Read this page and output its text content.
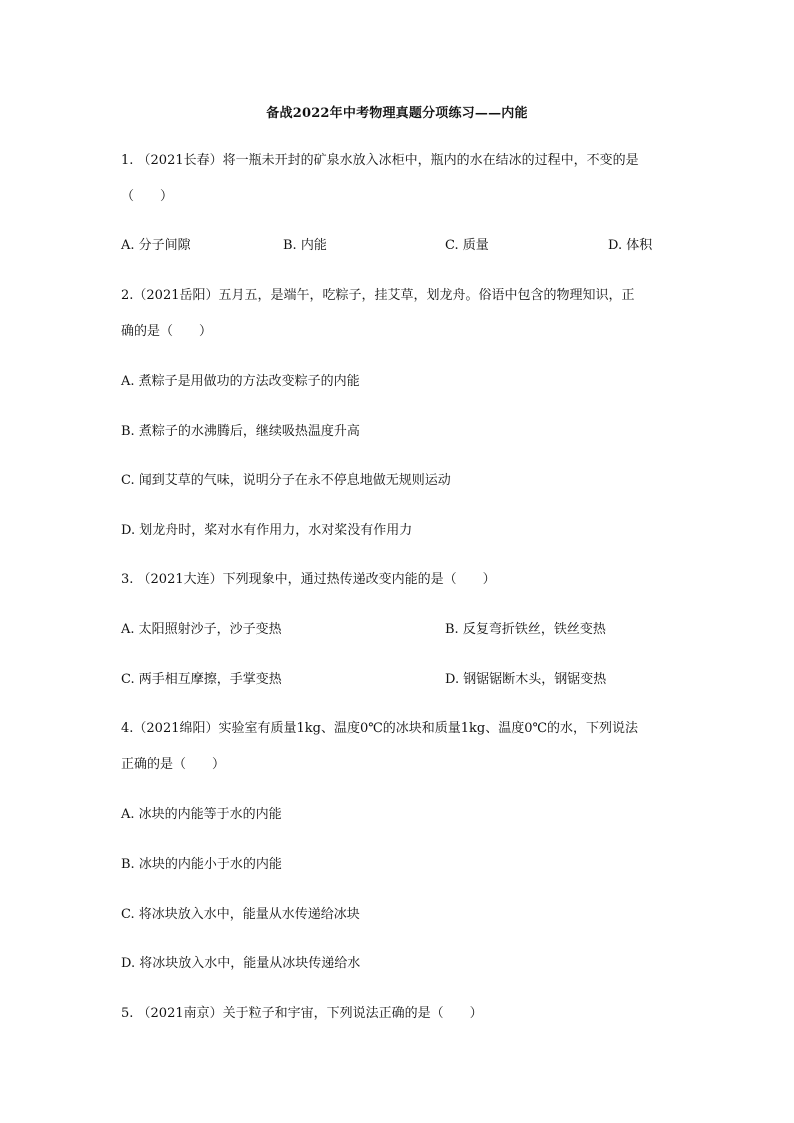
备战2022年中考物理真题分项练习——内能
1. （2021长春）将一瓶未开封的矿泉水放入冰柜中，瓶内的水在结冰的过程中，不变的是
（　　）
A. 分子间隙	B. 内能	C. 质量	D. 体积
2.（2021岳阳）五月五，是端午，吃粽子，挂艾草，划龙舟。俗语中包含的物理知识，正
确的是（　　）
A. 煮粽子是用做功的方法改变粽子的内能
B. 煮粽子的水沸腾后，继续吸热温度升高
C. 闻到艾草的气味，说明分子在永不停息地做无规则运动
D. 划龙舟时，桨对水有作用力，水对桨没有作用力
3. （2021大连）下列现象中，通过热传递改变内能的是（　　）
A. 太阳照射沙子，沙子变热	B. 反复弯折铁丝，铁丝变热
C. 两手相互摩擦，手掌变热	D. 钢锯锯断木头，钢锯变热
4.（2021绵阳）实验室有质量1kg、温度0℃的冰块和质量1kg、温度0℃的水，下列说法
正确的是（　　）
A. 冰块的内能等于水的内能
B. 冰块的内能小于水的内能
C. 将冰块放入水中，能量从水传递给冰块
D. 将冰块放入水中，能量从冰块传递给水
5. （2021南京）关于粒子和宇宙，下列说法正确的是（　　）
